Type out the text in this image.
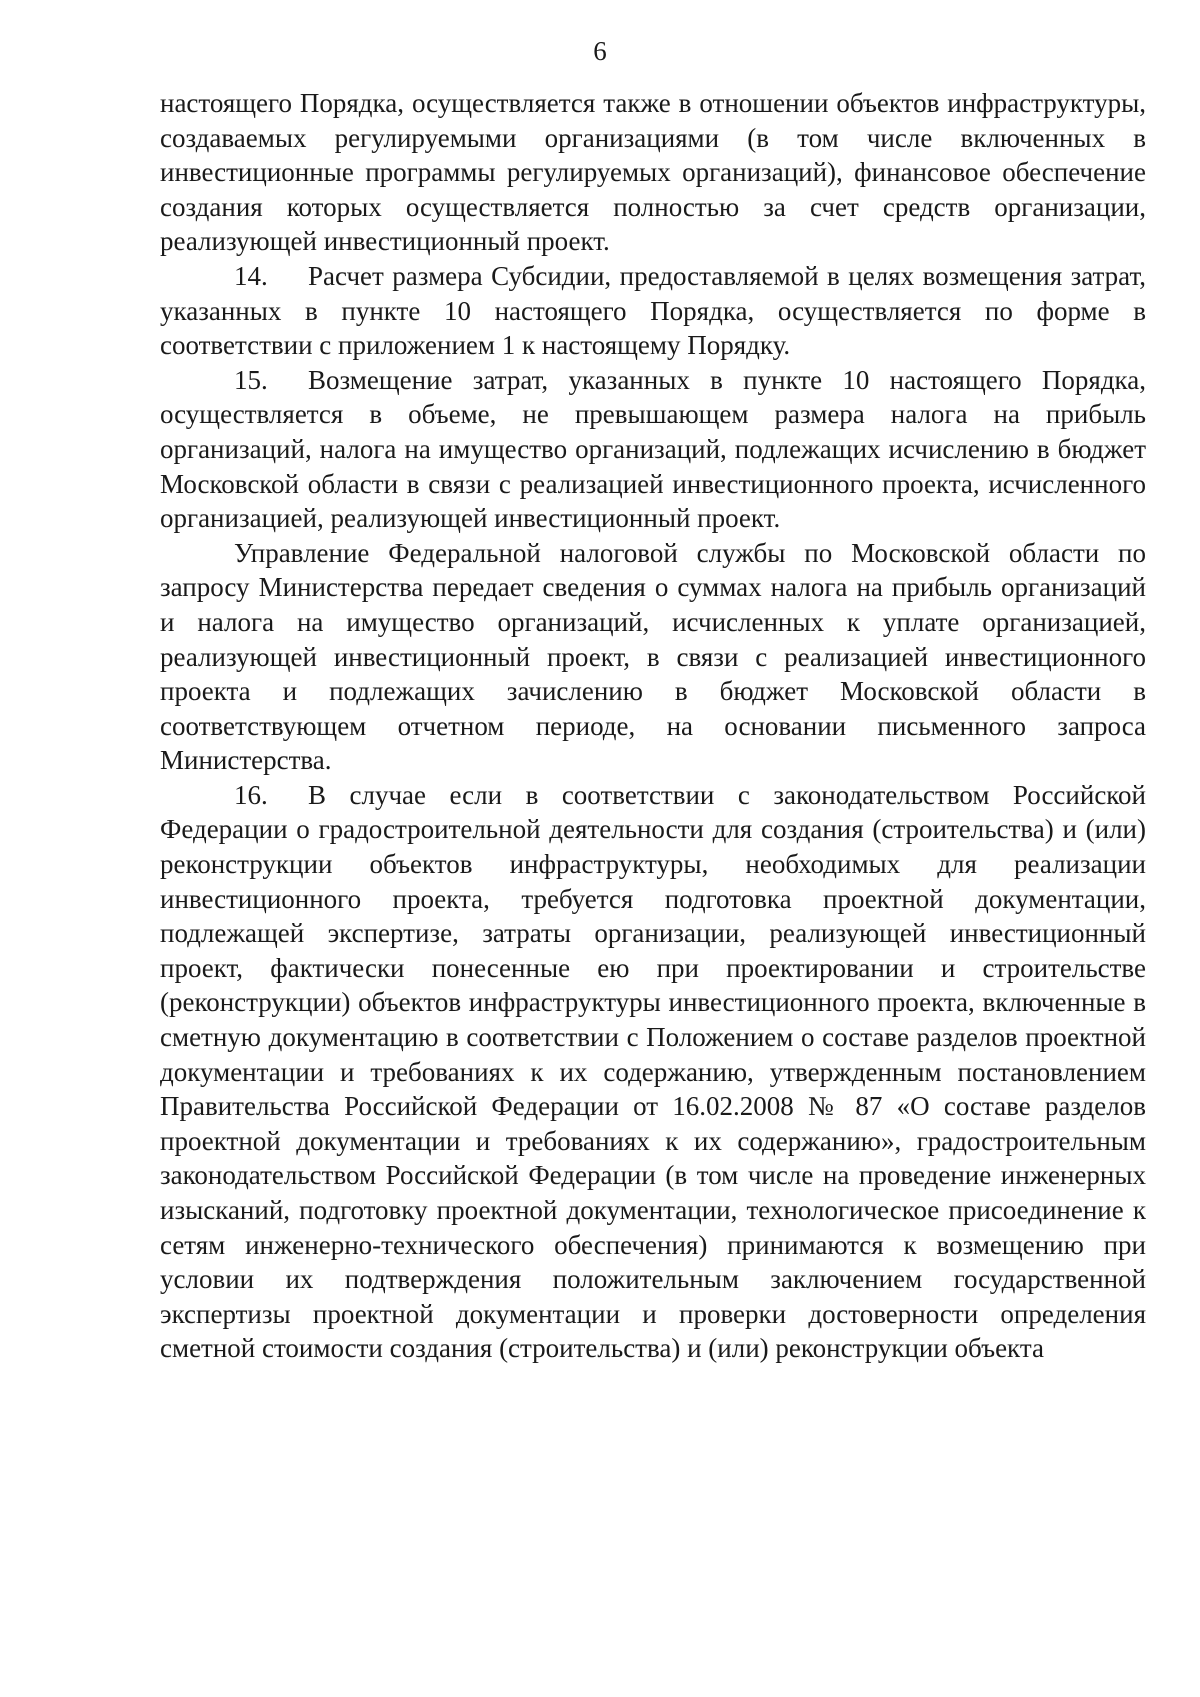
6

настоящего Порядка, осуществляется также в отношении объектов инфраструктуры, создаваемых регулируемыми организациями (в том числе включенных в инвестиционные программы регулируемых организаций), финансовое обеспечение создания которых осуществляется полностью за счет средств организации, реализующей инвестиционный проект.

14. Расчет размера Субсидии, предоставляемой в целях возмещения затрат, указанных в пункте 10 настоящего Порядка, осуществляется по форме в соответствии с приложением 1 к настоящему Порядку.

15. Возмещение затрат, указанных в пункте 10 настоящего Порядка, осуществляется в объеме, не превышающем размера налога на прибыль организаций, налога на имущество организаций, подлежащих исчислению в бюджет Московской области в связи с реализацией инвестиционного проекта, исчисленного организацией, реализующей инвестиционный проект.

Управление Федеральной налоговой службы по Московской области по запросу Министерства передает сведения о суммах налога на прибыль организаций и налога на имущество организаций, исчисленных к уплате организацией, реализующей инвестиционный проект, в связи с реализацией инвестиционного проекта и подлежащих зачислению в бюджет Московской области в соответствующем отчетном периоде, на основании письменного запроса Министерства.

16. В случае если в соответствии с законодательством Российской Федерации о градостроительной деятельности для создания (строительства) и (или) реконструкции объектов инфраструктуры, необходимых для реализации инвестиционного проекта, требуется подготовка проектной документации, подлежащей экспертизе, затраты организации, реализующей инвестиционный проект, фактически понесенные ею при проектировании и строительстве (реконструкции) объектов инфраструктуры инвестиционного проекта, включенные в сметную документацию в соответствии с Положением о составе разделов проектной документации и требованиях к их содержанию, утвержденным постановлением Правительства Российской Федерации от 16.02.2008 № 87 «О составе разделов проектной документации и требованиях к их содержанию», градостроительным законодательством Российской Федерации (в том числе на проведение инженерных изысканий, подготовку проектной документации, технологическое присоединение к сетям инженерно-технического обеспечения) принимаются к возмещению при условии их подтверждения положительным заключением государственной экспертизы проектной документации и проверки достоверности определения сметной стоимости создания (строительства) и (или) реконструкции объекта
